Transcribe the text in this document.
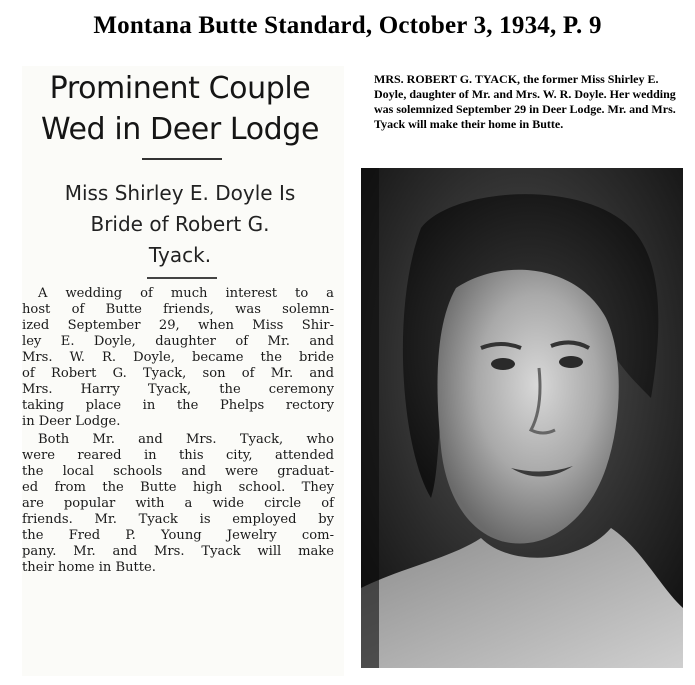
Montana Butte Standard, October 3, 1934, P. 9
Prominent Couple
Wed in Deer Lodge
Miss Shirley E. Doyle Is
Bride of Robert G.
Tyack.
A wedding of much interest to a
host of Butte friends, was solemn-
ized September 29, when Miss Shir-
ley E. Doyle, daughter of Mr. and
Mrs. W. R. Doyle, became the bride
of Robert G. Tyack, son of Mr. and
Mrs. Harry Tyack, the ceremony
taking place in the Phelps rectory
in Deer Lodge.
Both Mr. and Mrs. Tyack, who
were reared in this city, attended
the local schools and were graduat-
ed from the Butte high school. They
are popular with a wide circle of
friends. Mr. Tyack is employed by
the Fred P. Young Jewelry com-
pany. Mr. and Mrs. Tyack will make
their home in Butte.
MRS. ROBERT G. TYACK, the former Miss Shirley E. Doyle, daughter of Mr. and Mrs. W. R. Doyle. Her wedding was solemnized September 29 in Deer Lodge. Mr. and Mrs. Tyack will make their home in Butte.
